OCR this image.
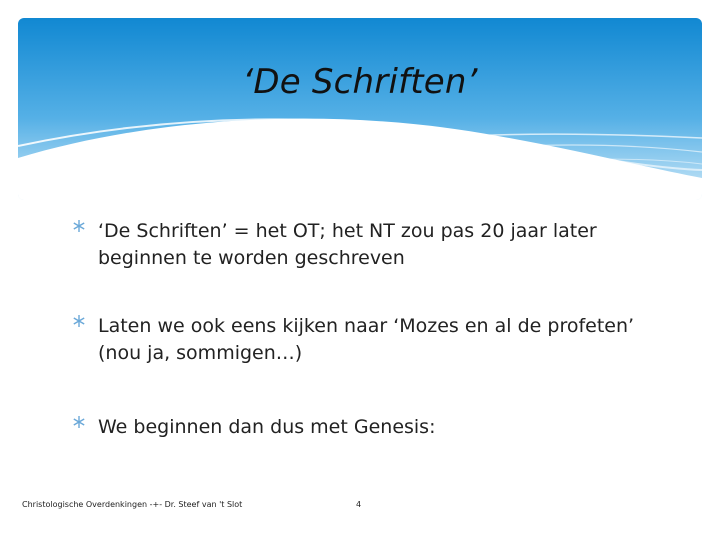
‘De Schriften’
‘De Schriften’ = het OT; het NT zou pas 20 jaar later beginnen te worden geschreven
Laten we ook eens kijken naar ‘Mozes en al de profeten’ (nou ja, sommigen…)
We beginnen dan dus met Genesis:
Christologische Overdenkingen -+- Dr. Steef van 't Slot	4
